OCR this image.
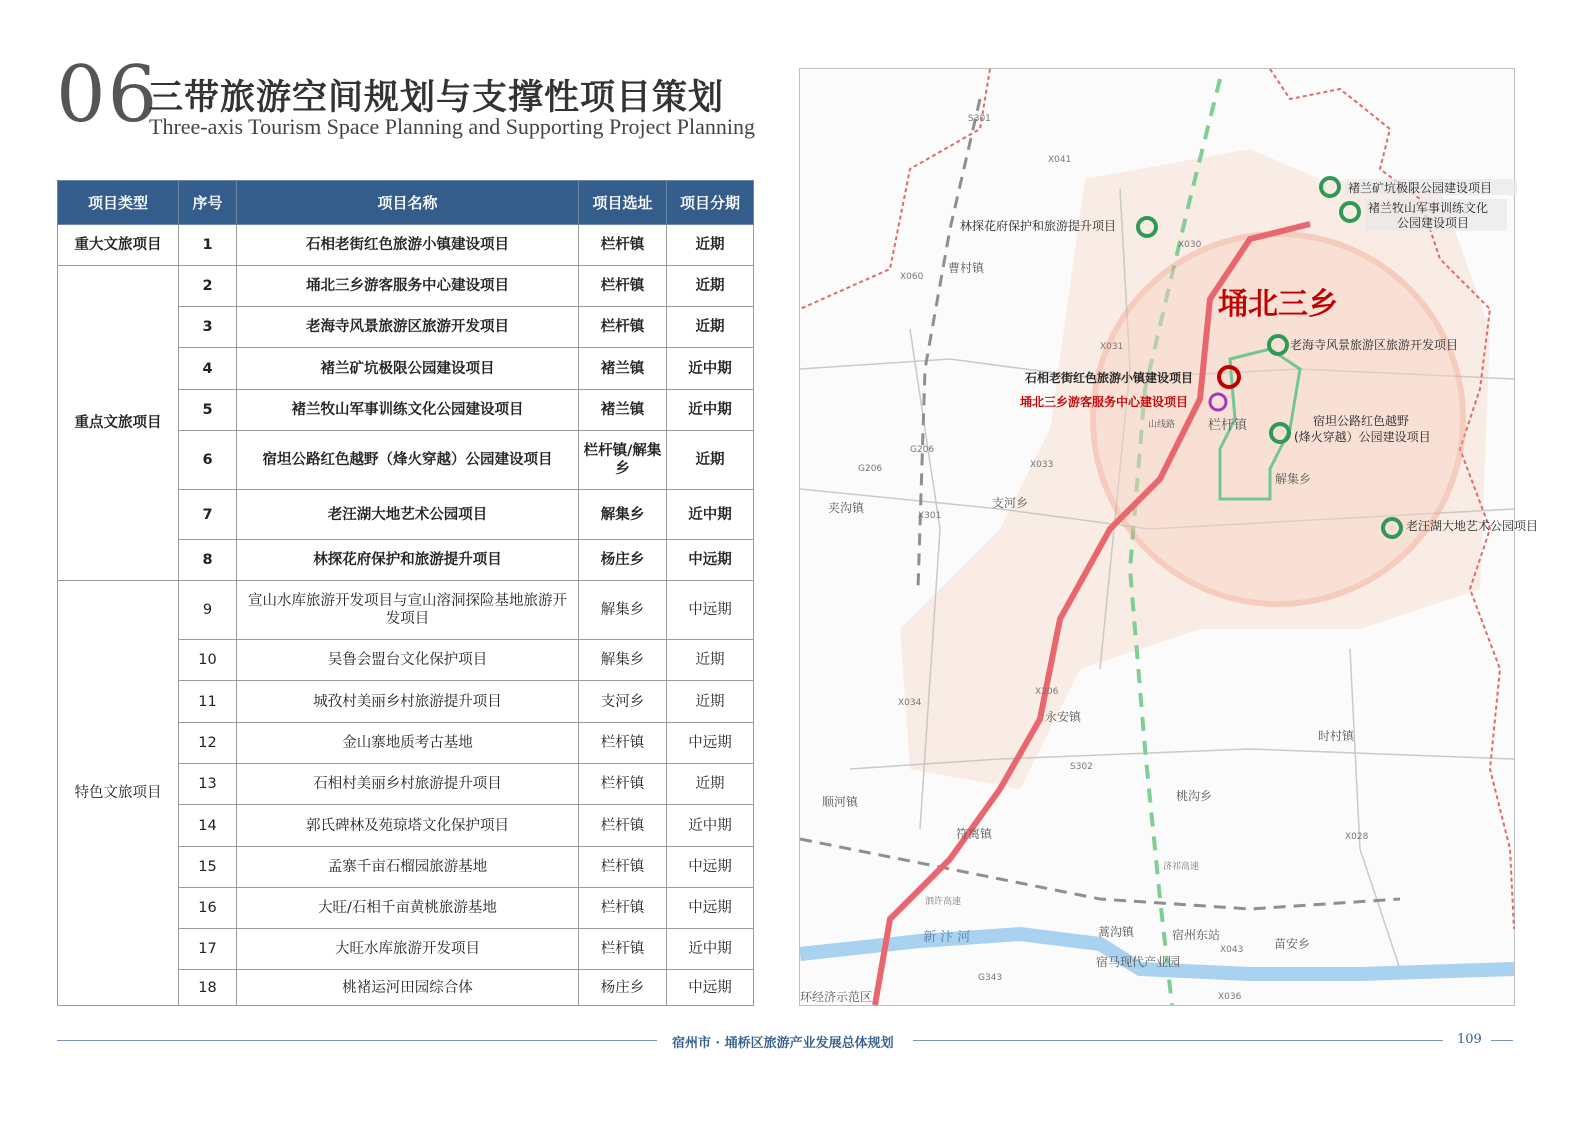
06
三带旅游空间规划与支撑性项目策划
Three-axis Tourism Space Planning and Supporting Project Planning
项目类型	序号	项目名称	项目选址	项目分期
重大文旅项目	1	石相老街红色旅游小镇建设项目	栏杆镇	近期
重点文旅项目	2	埇北三乡游客服务中心建设项目	栏杆镇	近期
	3	老海寺风景旅游区旅游开发项目	栏杆镇	近期
	4	褚兰矿坑极限公园建设项目	褚兰镇	近中期
	5	褚兰牧山军事训练文化公园建设项目	褚兰镇	近中期
	6	宿坦公路红色越野（烽火穿越）公园建设项目	栏杆镇/解集乡	近期
	7	老汪湖大地艺术公园项目	解集乡	近中期
	8	林探花府保护和旅游提升项目	杨庄乡	中远期
特色文旅项目	9	宣山水库旅游开发项目与宣山溶洞探险基地旅游开发项目	解集乡	中远期
	10	吴鲁会盟台文化保护项目	解集乡	近期
	11	城孜村美丽乡村旅游提升项目	支河乡	近期
	12	金山寨地质考古基地	栏杆镇	中远期
	13	石相村美丽乡村旅游提升项目	栏杆镇	近期
	14	郭氏碑林及苑琼塔文化保护项目	栏杆镇	近中期
	15	孟寨千亩石榴园旅游基地	栏杆镇	中远期
	16	大旺/石相千亩黄桃旅游基地	栏杆镇	中远期
	17	大旺水库旅游开发项目	栏杆镇	近中期
	18	桃褚运河田园综合体	杨庄乡	中远期
埇北三乡
褚兰矿坑极限公园建设项目
褚兰牧山军事训练文化
公园建设项目
林探花府保护和旅游提升项目
老海寺风景旅游区旅游开发项目
石相老街红色旅游小镇建设项目
埇北三乡游客服务中心建设项目
宿坦公路红色越野
(烽火穿越）公园建设项目
老汪湖大地艺术公园项目
曹村镇
栏杆镇
解集乡
夹沟镇	支河乡
永安镇
时村镇
顺河镇	桃沟乡
符离镇
新 汴 河	蒿沟镇	宿州东站
苗安乡
宿马现代产业园
环经济示范区
山线路
S301
X041
X030
X060
G206
G206
X033
X301
X206
X034
S302
X028
G343
X043
X036
X031
泗许高速
济祁高速
宿州市 · 埇桥区旅游产业发展总体规划	109
